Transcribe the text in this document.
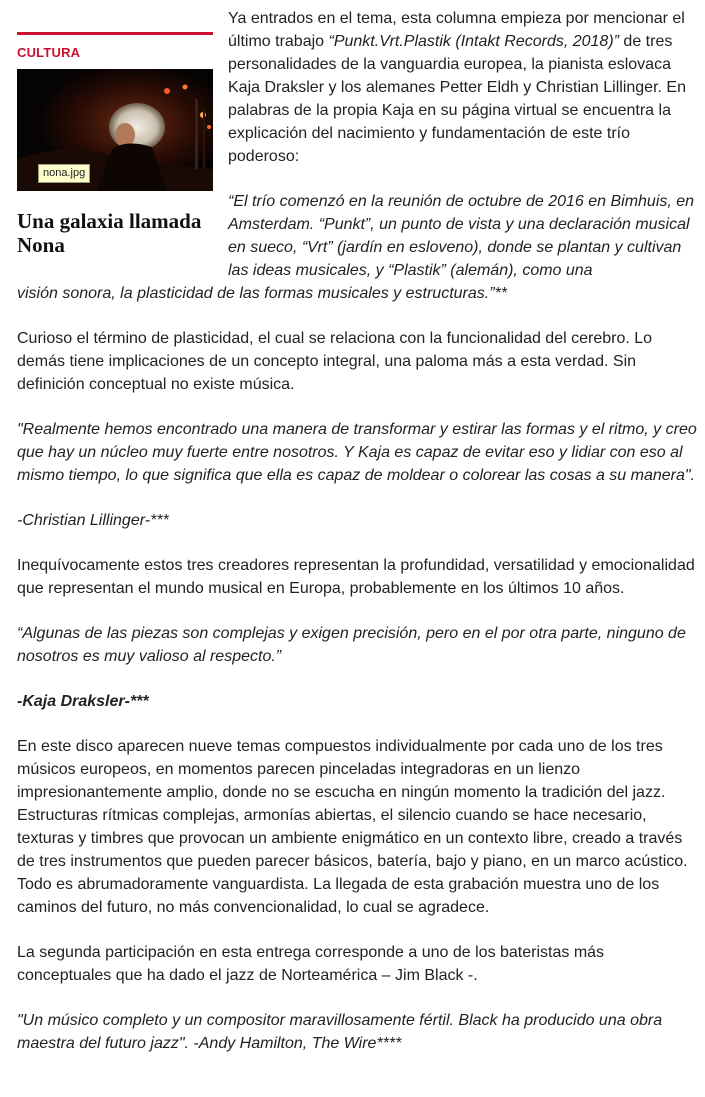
Ya entrados en el tema, esta columna empieza por mencionar el último trabajo “Punkt.Vrt.Plastik (Intakt Records, 2018)” de tres personalidades de la vanguardia europea, la pianista eslovaca Kaja Draksler y los alemanes Petter Eldh y Christian Lillinger. En palabras de la propia Kaja en su página virtual se encuentra la explicación del nacimiento y fundamentación de este trío poderoso:

“El trío comenzó en la reunión de octubre de 2016 en Bimhuis, en Amsterdam. “Punkt”, un punto de vista y una declaración musical en sueco, “Vrt” (jardín en esloveno), donde se plantan y cultivan las ideas musicales, y “Plastik” (alemán), como una
visión sonora, la plasticidad de las formas musicales y estructuras.”**

Curioso el término de plasticidad, el cual se relaciona con la funcionalidad del cerebro. Lo demás tiene implicaciones de un concepto integral, una paloma más a esta verdad. Sin definición conceptual no existe música.

"Realmente hemos encontrado una manera de transformar y estirar las formas y el ritmo, y creo que hay un núcleo muy fuerte entre nosotros. Y Kaja es capaz de evitar eso y lidiar con eso al mismo tiempo, lo que significa que ella es capaz de moldear o colorear las cosas a su manera".

-Christian Lillinger-***

Inequívocamente estos tres creadores representan la profundidad, versatilidad y emocionalidad que representan el mundo musical en Europa, probablemente en los últimos 10 años.

“Algunas de las piezas son complejas y exigen precisión, pero en el por otra parte, ninguno de nosotros es muy valioso al respecto.”

-Kaja Draksler-***

En este disco aparecen nueve temas compuestos individualmente por cada uno de los tres músicos europeos, en momentos parecen pinceladas integradoras en un lienzo impresionantemente amplio, donde no se escucha en ningún momento la tradición del jazz. Estructuras rítmicas complejas, armonías abiertas, el silencio cuando se hace necesario, texturas y timbres que provocan un ambiente enigmático en un contexto libre, creado a través de tres instrumentos que pueden parecer básicos, batería, bajo y piano, en un marco acústico. Todo es abrumadoramente vanguardista. La llegada de esta grabación muestra uno de los caminos del futuro, no más convencionalidad, lo cual se agradece.

La segunda participación en esta entrega corresponde a uno de los bateristas más conceptuales que ha dado el jazz de Norteamérica – Jim Black -.

"Un músico completo y un compositor maravillosamente fértil. Black ha producido una obra maestra del futuro jazz". -Andy Hamilton, The Wire****

CULTURA
Una galaxia llamada Nona
nona.jpg
